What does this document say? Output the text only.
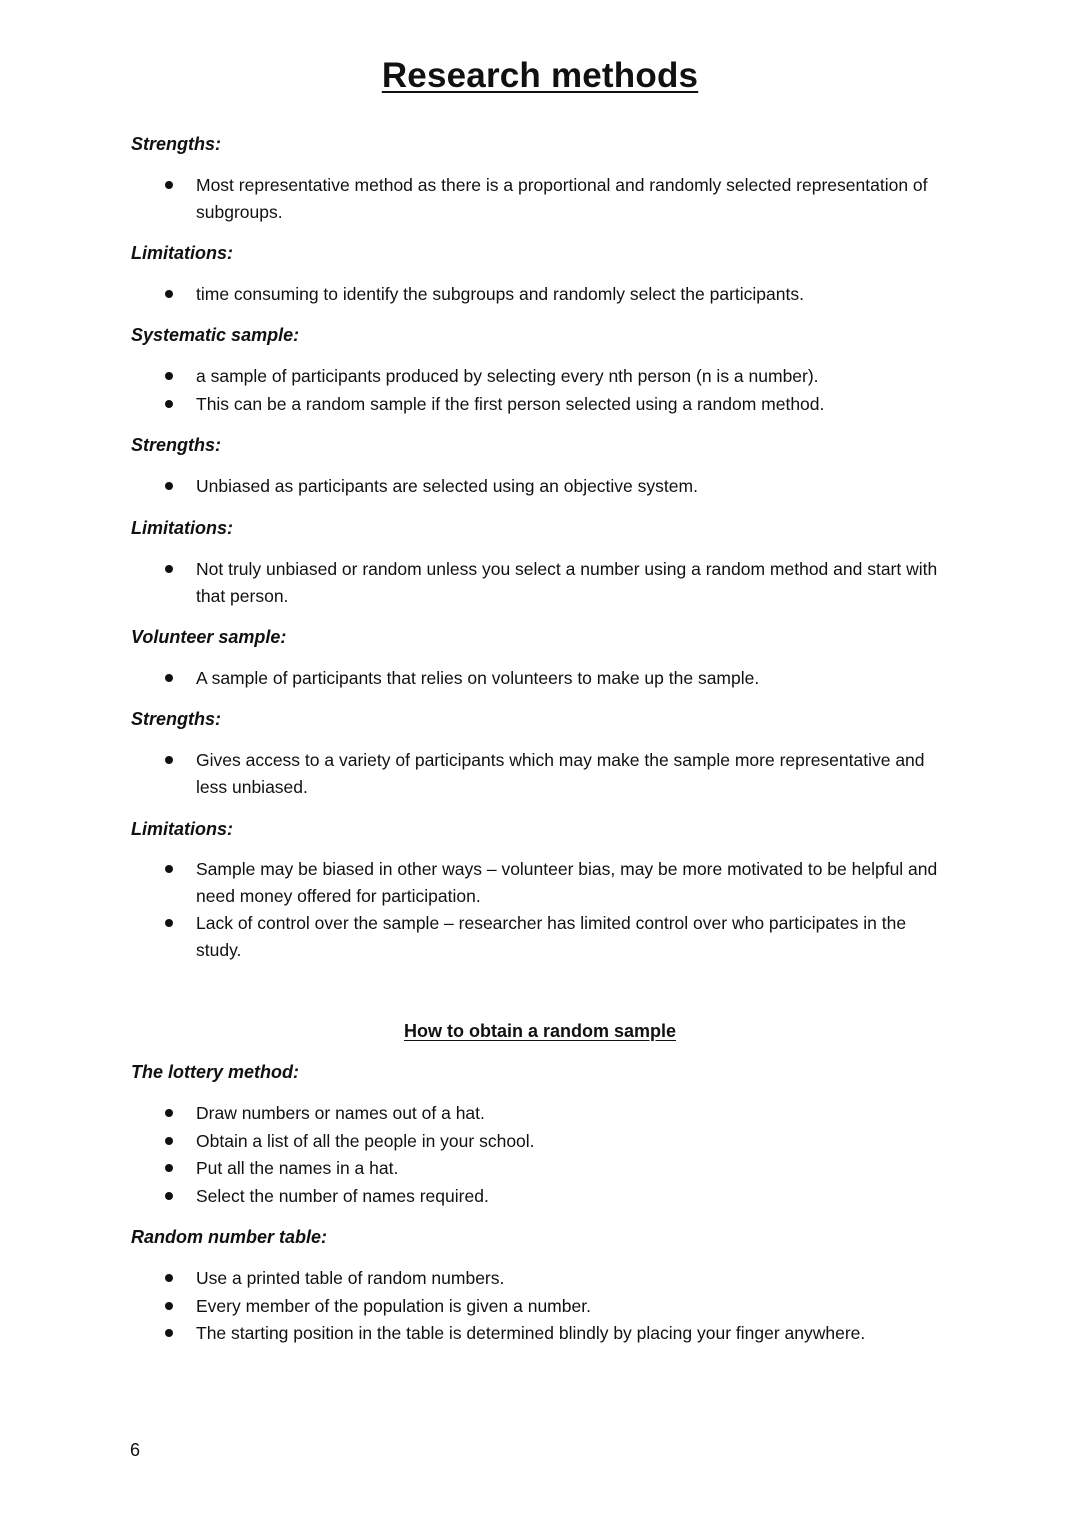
Research methods
Strengths:
Most representative method as there is a proportional and randomly selected representation of subgroups.
Limitations:
time consuming to identify the subgroups and randomly select the participants.
Systematic sample:
a sample of participants produced by selecting every nth person (n is a number).
This can be a random sample if the first person selected using a random method.
Strengths:
Unbiased as participants are selected using an objective system.
Limitations:
Not truly unbiased or random unless you select a number using a random method and start with that person.
Volunteer sample:
A sample of participants that relies on volunteers to make up the sample.
Strengths:
Gives access to a variety of participants which may make the sample more representative and less unbiased.
Limitations:
Sample may be biased in other ways – volunteer bias, may be more motivated to be helpful and need money offered for participation.
Lack of control over the sample – researcher has limited control over who participates in the study.
How to obtain a random sample
The lottery method:
Draw numbers or names out of a hat.
Obtain a list of all the people in your school.
Put all the names in a hat.
Select the number of names required.
Random number table:
Use a printed table of random numbers.
Every member of the population is given a number.
The starting position in the table is determined blindly by placing your finger anywhere.
6
